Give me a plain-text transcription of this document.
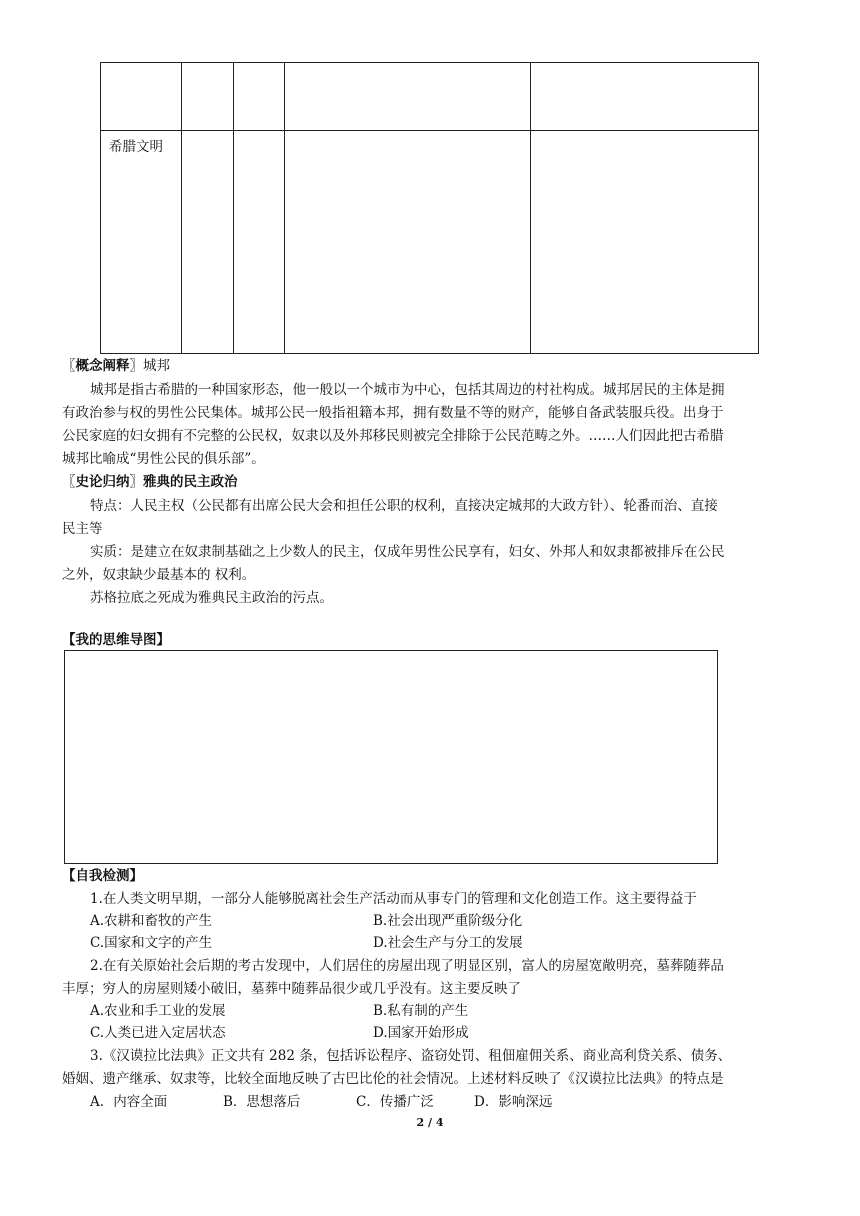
希腊文明
〖概念阐释〗城邦
城邦是指古希腊的一种国家形态，他一般以一个城市为中心，包括其周边的村社构成。城邦居民的主体是拥
有政治参与权的男性公民集体。城邦公民一般指祖籍本邦，拥有数量不等的财产，能够自备武装服兵役。出身于
公民家庭的妇女拥有不完整的公民权，奴隶以及外邦移民则被完全排除于公民范畴之外。……人们因此把古希腊
城邦比喻成“男性公民的俱乐部”。
〖史论归纳〗雅典的民主政治
特点：人民主权（公民都有出席公民大会和担任公职的权利，直接决定城邦的大政方针）、轮番而治、直接
民主等
实质：是建立在奴隶制基础之上少数人的民主，仅成年男性公民享有，妇女、外邦人和奴隶都被排斥在公民
之外，奴隶缺少最基本的 权利。
苏格拉底之死成为雅典民主政治的污点。
【我的思维导图】
【自我检测】
1.在人类文明早期，一部分人能够脱离社会生产活动而从事专门的管理和文化创造工作。这主要得益于
A.农耕和畜牧的产生	B.社会出现严重阶级分化
C.国家和文字的产生	D.社会生产与分工的发展
2.在有关原始社会后期的考古发现中，人们居住的房屋出现了明显区别，富人的房屋宽敞明亮，墓葬随葬品
丰厚；穷人的房屋则矮小破旧，墓葬中随葬品很少或几乎没有。这主要反映了
A.农业和手工业的发展	B.私有制的产生
C.人类已进入定居状态	D.国家开始形成
3.《汉谟拉比法典》正文共有 282 条，包括诉讼程序、盗窃处罚、租佃雇佣关系、商业高利贷关系、债务、
婚姻、遗产继承、奴隶等，比较全面地反映了古巴比伦的社会情况。上述材料反映了《汉谟拉比法典》的特点是
A．内容全面	B．思想落后	C．传播广泛	D．影响深远
2 / 4
